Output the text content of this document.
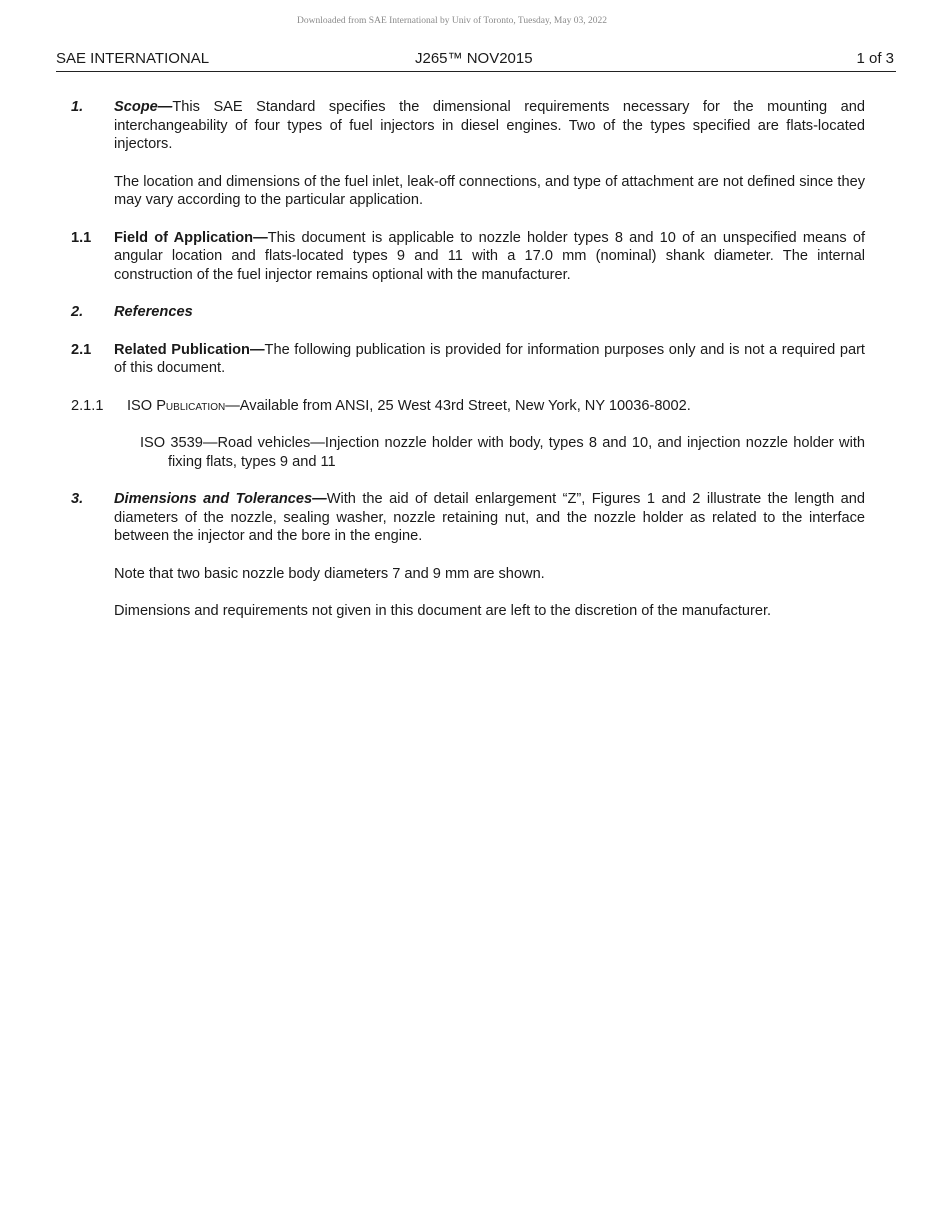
Downloaded from SAE International by Univ of Toronto, Tuesday, May 03, 2022
SAE INTERNATIONAL	J265™ NOV2015	1 of 3
1. Scope—This SAE Standard specifies the dimensional requirements necessary for the mounting and interchangeability of four types of fuel injectors in diesel engines. Two of the types specified are flats-located injectors.
The location and dimensions of the fuel inlet, leak-off connections, and type of attachment are not defined since they may vary according to the particular application.
1.1 Field of Application—This document is applicable to nozzle holder types 8 and 10 of an unspecified means of angular location and flats-located types 9 and 11 with a 17.0 mm (nominal) shank diameter. The internal construction of the fuel injector remains optional with the manufacturer.
2. References
2.1 Related Publication—The following publication is provided for information purposes only and is not a required part of this document.
2.1.1 ISO Publication—Available from ANSI, 25 West 43rd Street, New York, NY 10036-8002.
ISO 3539—Road vehicles—Injection nozzle holder with body, types 8 and 10, and injection nozzle holder with fixing flats, types 9 and 11
3. Dimensions and Tolerances—With the aid of detail enlargement “Z”, Figures 1 and 2 illustrate the length and diameters of the nozzle, sealing washer, nozzle retaining nut, and the nozzle holder as related to the interface between the injector and the bore in the engine.
Note that two basic nozzle body diameters 7 and 9 mm are shown.
Dimensions and requirements not given in this document are left to the discretion of the manufacturer.
